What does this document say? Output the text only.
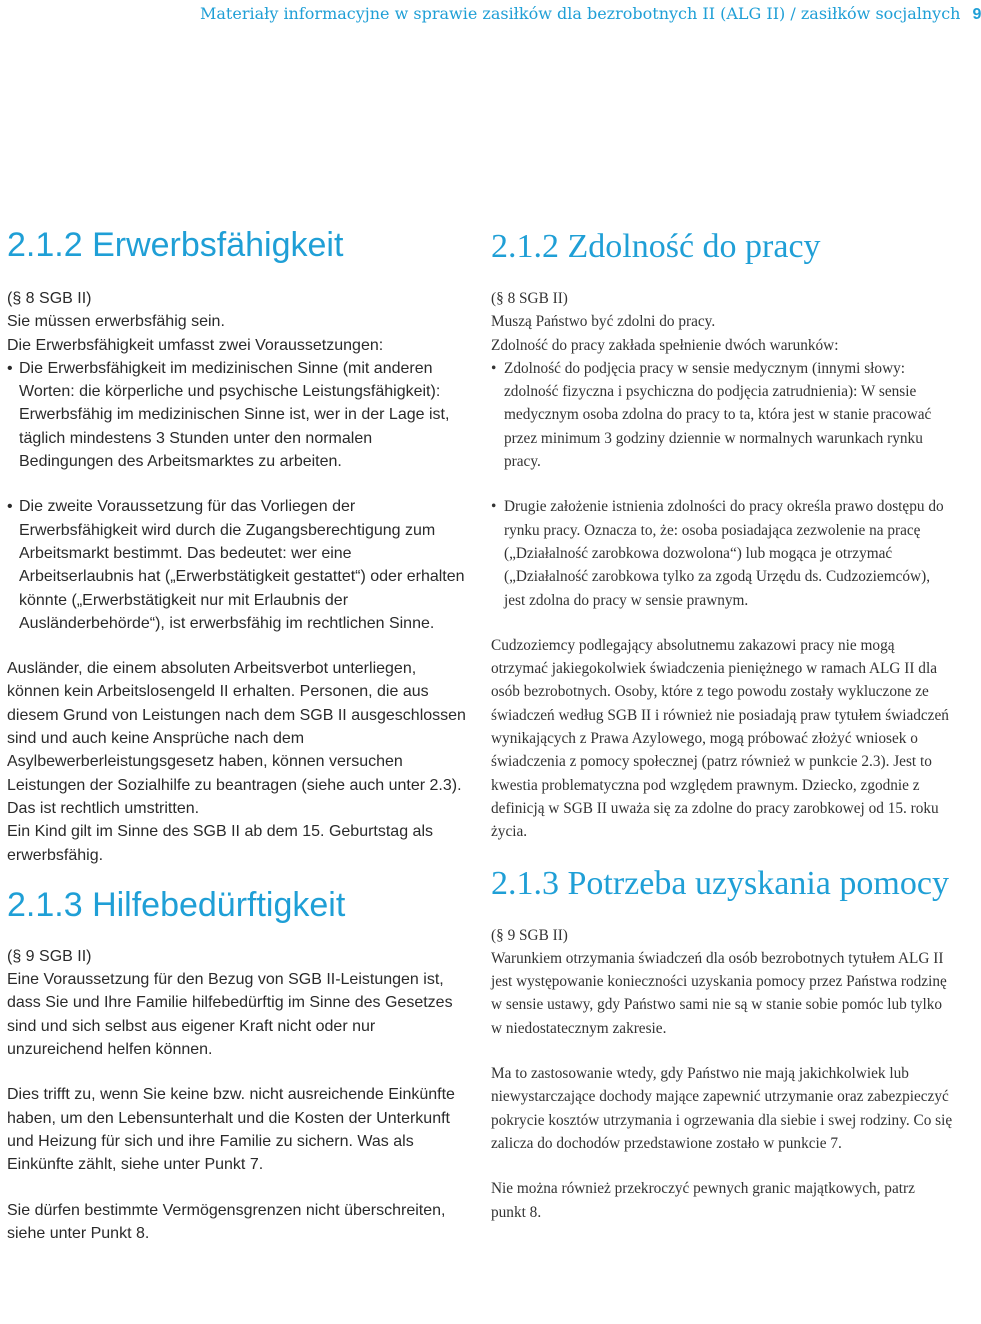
Materiały informacyjne w sprawie zasiłków dla bezrobotnych II (ALG II) / zasiłków socjalnych 9
2.1.2 Erwerbsfähigkeit

(§ 8 SGB II)

Sie müssen erwerbsfähig sein.

Die Erwerbsfähigkeit umfasst zwei Voraussetzungen:

• Die Erwerbsfähigkeit im medizinischen Sinne (mit anderen Worten: die körperliche und psychische Leistungsfähigkeit): Erwerbsfähig im medizinischen Sinne ist, wer in der Lage ist, täglich mindestens 3 Stunden unter den normalen Bedingungen des Arbeitsmarktes zu arbeiten.

• Die zweite Voraussetzung für das Vorliegen der Erwerbsfähigkeit wird durch die Zugangsberechtigung zum Arbeitsmarkt bestimmt. Das bedeutet: wer eine Arbeitserlaubnis hat („Erwerbstätigkeit gestattet“) oder erhalten könnte („Erwerbstätigkeit nur mit Erlaubnis der Ausländerbehörde“), ist erwerbsfähig im rechtlichen Sinne.

Ausländer, die einem absoluten Arbeitsverbot unterliegen, können kein Arbeitslosengeld II erhalten. Personen, die aus diesem Grund von Leistungen nach dem SGB II ausgeschlossen sind und auch keine Ansprüche nach dem Asylbewerberleistungsgesetz haben, können versuchen Leistungen der Sozialhilfe zu beantragen (siehe auch unter 2.3). Das ist rechtlich umstritten.

Ein Kind gilt im Sinne des SGB II ab dem 15. Geburtstag als erwerbsfähig.

2.1.3 Hilfebedürftigkeit

(§ 9 SGB II)

Eine Voraussetzung für den Bezug von SGB II-Leistungen ist, dass Sie und Ihre Familie hilfebedürftig im Sinne des Gesetzes sind und sich selbst aus eigener Kraft nicht oder nur unzureichend helfen können.

Dies trifft zu, wenn Sie keine bzw. nicht ausreichende Einkünfte haben, um den Lebensunterhalt und die Kosten der Unterkunft und Heizung für sich und ihre Familie zu sichern. Was als Einkünfte zählt, siehe unter Punkt 7.

Sie dürfen bestimmte Vermögensgrenzen nicht überschreiten, siehe unter Punkt 8.

2.1.2 Zdolność do pracy

(§ 8 SGB II)

Muszą Państwo być zdolni do pracy.

Zdolność do pracy zakłada spełnienie dwóch warunków:

• Zdolność do podjęcia pracy w sensie medycznym (innymi słowy: zdolność fizyczna i psychiczna do podjęcia zatrudnienia): W sensie medycznym osoba zdolna do pracy to ta, która jest w stanie pracować przez minimum 3 godziny dziennie w normalnych warunkach rynku pracy.

• Drugie założenie istnienia zdolności do pracy określa prawo dostępu do rynku pracy. Oznacza to, że: osoba posiadająca zezwolenie na pracę („Działalność zarobkowa dozwolona“) lub mogąca je otrzymać („Działalność zarobkowa tylko za zgodą Urzędu ds. Cudzoziemców), jest zdolna do pracy w sensie prawnym.

Cudzoziemcy podlegający absolutnemu zakazowi pracy nie mogą otrzymać jakiegokolwiek świadczenia pieniężnego w ramach ALG II dla osób bezrobotnych. Osoby, które z tego powodu zostały wykluczone ze świadczeń według SGB II i również nie posiadają praw tytułem świadczeń wynikających z Prawa Azylowego, mogą próbować złożyć wniosek o świadczenia z pomocy społecznej (patrz również w punkcie 2.3). Jest to kwestia problematyczna pod względem prawnym. Dziecko, zgodnie z definicją w SGB II uważa się za zdolne do pracy zarobkowej od 15. roku życia.

2.1.3 Potrzeba uzyskania pomocy

(§ 9 SGB II)

Warunkiem otrzymania świadczeń dla osób bezrobotnych tytułem ALG II jest występowanie konieczności uzyskania pomocy przez Państwa rodzinę w sensie ustawy, gdy Państwo sami nie są w stanie sobie pomóc lub tylko w niedostatecznym zakresie.

Ma to zastosowanie wtedy, gdy Państwo nie mają jakichkolwiek lub niewystarczające dochody mające zapewnić utrzymanie oraz zabezpieczyć pokrycie kosztów utrzymania i ogrzewania dla siebie i swej rodziny. Co się zalicza do dochodów przedstawione zostało w punkcie 7.

Nie można również przekroczyć pewnych granic majątkowych, patrz punkt 8.
